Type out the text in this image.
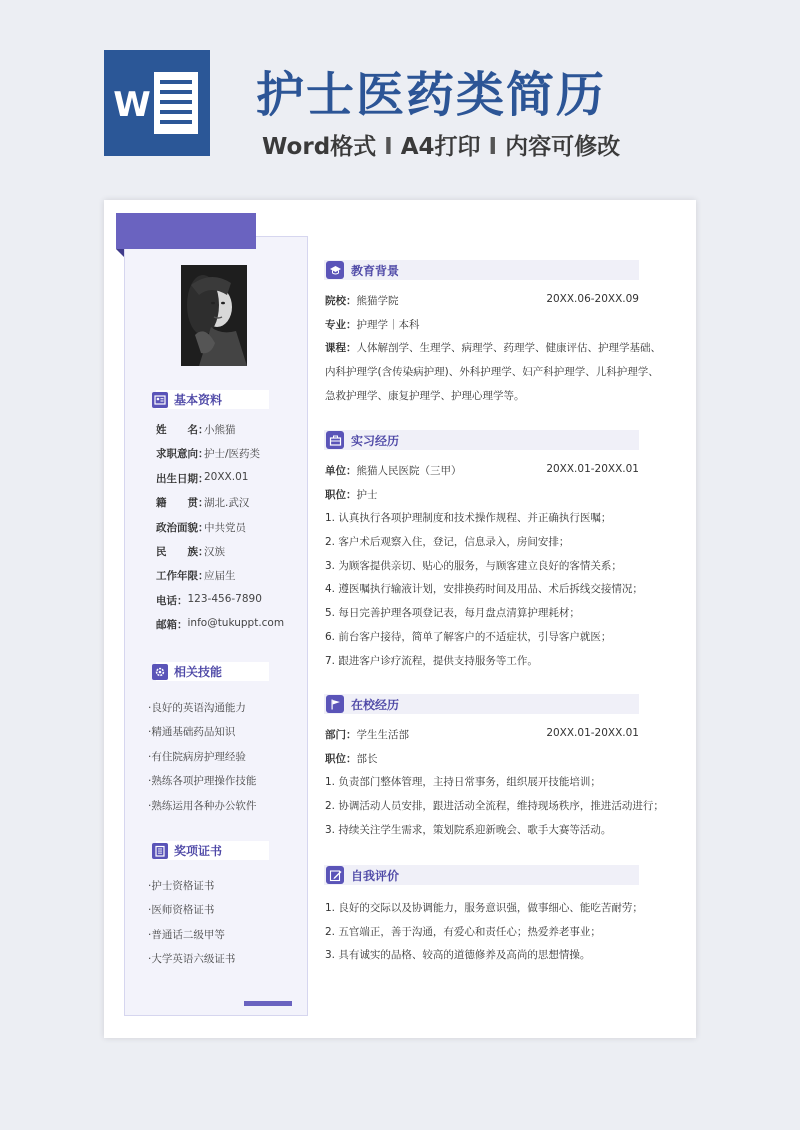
W 护士医药类简历
Word格式 I A4打印 I 内容可修改
基本资料
姓　　名：
小熊猫
求职意向：
护士/医药类
出生日期：
20XX.01
籍　　贯：
湖北.武汉
政治面貌：
中共党员
民　　族：
汉族
工作年限：
应届生
电话： 123-456-7890
邮箱： info@tukuppt.com
相关技能
·良好的英语沟通能力
·精通基础药品知识
·有住院病房护理经验
·熟练各项护理操作技能
·熟练运用各种办公软件
奖项证书
·护士资格证书
·医师资格证书
·普通话二级甲等
·大学英语六级证书
教育背景
院校：熊猫学院	20XX.06-20XX.09
专业：护理学｜本科
课程：人体解剖学、生理学、病理学、药理学、健康评估、护理学基础、
内科护理学(含传染病护理)、外科护理学、妇产科护理学、儿科护理学、
急救护理学、康复护理学、护理心理学等。
实习经历
单位：熊猫人民医院（三甲）	20XX.01-20XX.01
职位：护士
1. 认真执行各项护理制度和技术操作规程、并正确执行医嘱；
2. 客户术后观察入住，登记，信息录入，房间安排；
3. 为顾客提供亲切、贴心的服务，与顾客建立良好的客情关系；
4. 遵医嘱执行输液计划，安排换药时间及用品、术后拆线交接情况；
5. 每日完善护理各项登记表，每月盘点清算护理耗材；
6. 前台客户接待，简单了解客户的不适症状，引导客户就医；
7. 跟进客户诊疗流程，提供支持服务等工作。
在校经历
部门：学生生活部	20XX.01-20XX.01
职位：部长
1. 负责部门整体管理，主持日常事务，组织展开技能培训；
2. 协调活动人员安排，跟进活动全流程，维持现场秩序，推进活动进行；
3. 持续关注学生需求，策划院系迎新晚会、歌手大赛等活动。
自我评价
1. 良好的交际以及协调能力，服务意识强，做事细心、能吃苦耐劳；
2. 五官端正，善于沟通，有爱心和责任心；热爱养老事业；
3. 具有诚实的品格、较高的道德修养及高尚的思想情操。
